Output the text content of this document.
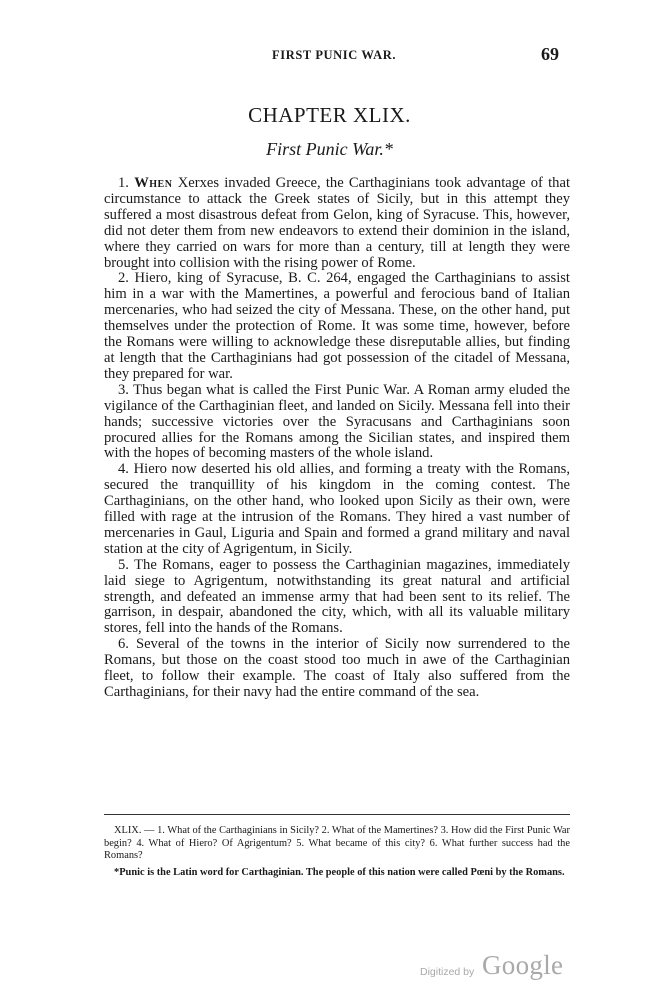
FIRST PUNIC WAR.	69
CHAPTER XLIX.
First Punic War.*

1. When Xerxes invaded Greece, the Carthaginians took advantage of that circumstance to attack the Greek states of Sicily, but in this attempt they suffered a most disastrous defeat from Gelon, king of Syracuse. This, however, did not deter them from new endeavors to extend their dominion in the island, where they carried on wars for more than a century, till at length they were brought into collision with the rising power of Rome.

2. Hiero, king of Syracuse, B. C. 264, engaged the Carthaginians to assist him in a war with the Mamertines, a powerful and ferocious band of Italian mercenaries, who had seized the city of Messana. These, on the other hand, put themselves under the protection of Rome. It was some time, however, before the Romans were willing to acknowledge these disreputable allies, but finding at length that the Carthaginians had got possession of the citadel of Messana, they prepared for war.

3. Thus began what is called the First Punic War. A Roman army eluded the vigilance of the Carthaginian fleet, and landed on Sicily. Messana fell into their hands; successive victories over the Syracusans and Carthaginians soon procured allies for the Romans among the Sicilian states, and inspired them with the hopes of becoming masters of the whole island.

4. Hiero now deserted his old allies, and forming a treaty with the Romans, secured the tranquillity of his kingdom in the coming contest. The Carthaginians, on the other hand, who looked upon Sicily as their own, were filled with rage at the intrusion of the Romans. They hired a vast number of mercenaries in Gaul, Liguria and Spain and formed a grand military and naval station at the city of Agrigentum, in Sicily.

5. The Romans, eager to possess the Carthaginian magazines, immediately laid siege to Agrigentum, notwithstanding its great natural and artificial strength, and defeated an immense army that had been sent to its relief. The garrison, in despair, abandoned the city, which, with all its valuable military stores, fell into the hands of the Romans.

6. Several of the towns in the interior of Sicily now surrendered to the Romans, but those on the coast stood too much in awe of the Carthaginian fleet, to follow their example. The coast of Italy also suffered from the Carthaginians, for their navy had the entire command of the sea.

XLIX. — 1. What of the Carthaginians in Sicily? 2. What of the Mamertines? 3. How did the First Punic War begin? 4. What of Hiero? Of Agrigentum? 5. What became of this city? 6. What further success had the Romans?

*Punic is the Latin word for Carthaginian. The people of this nation were called Pœni by the Romans.

Digitized by Google
